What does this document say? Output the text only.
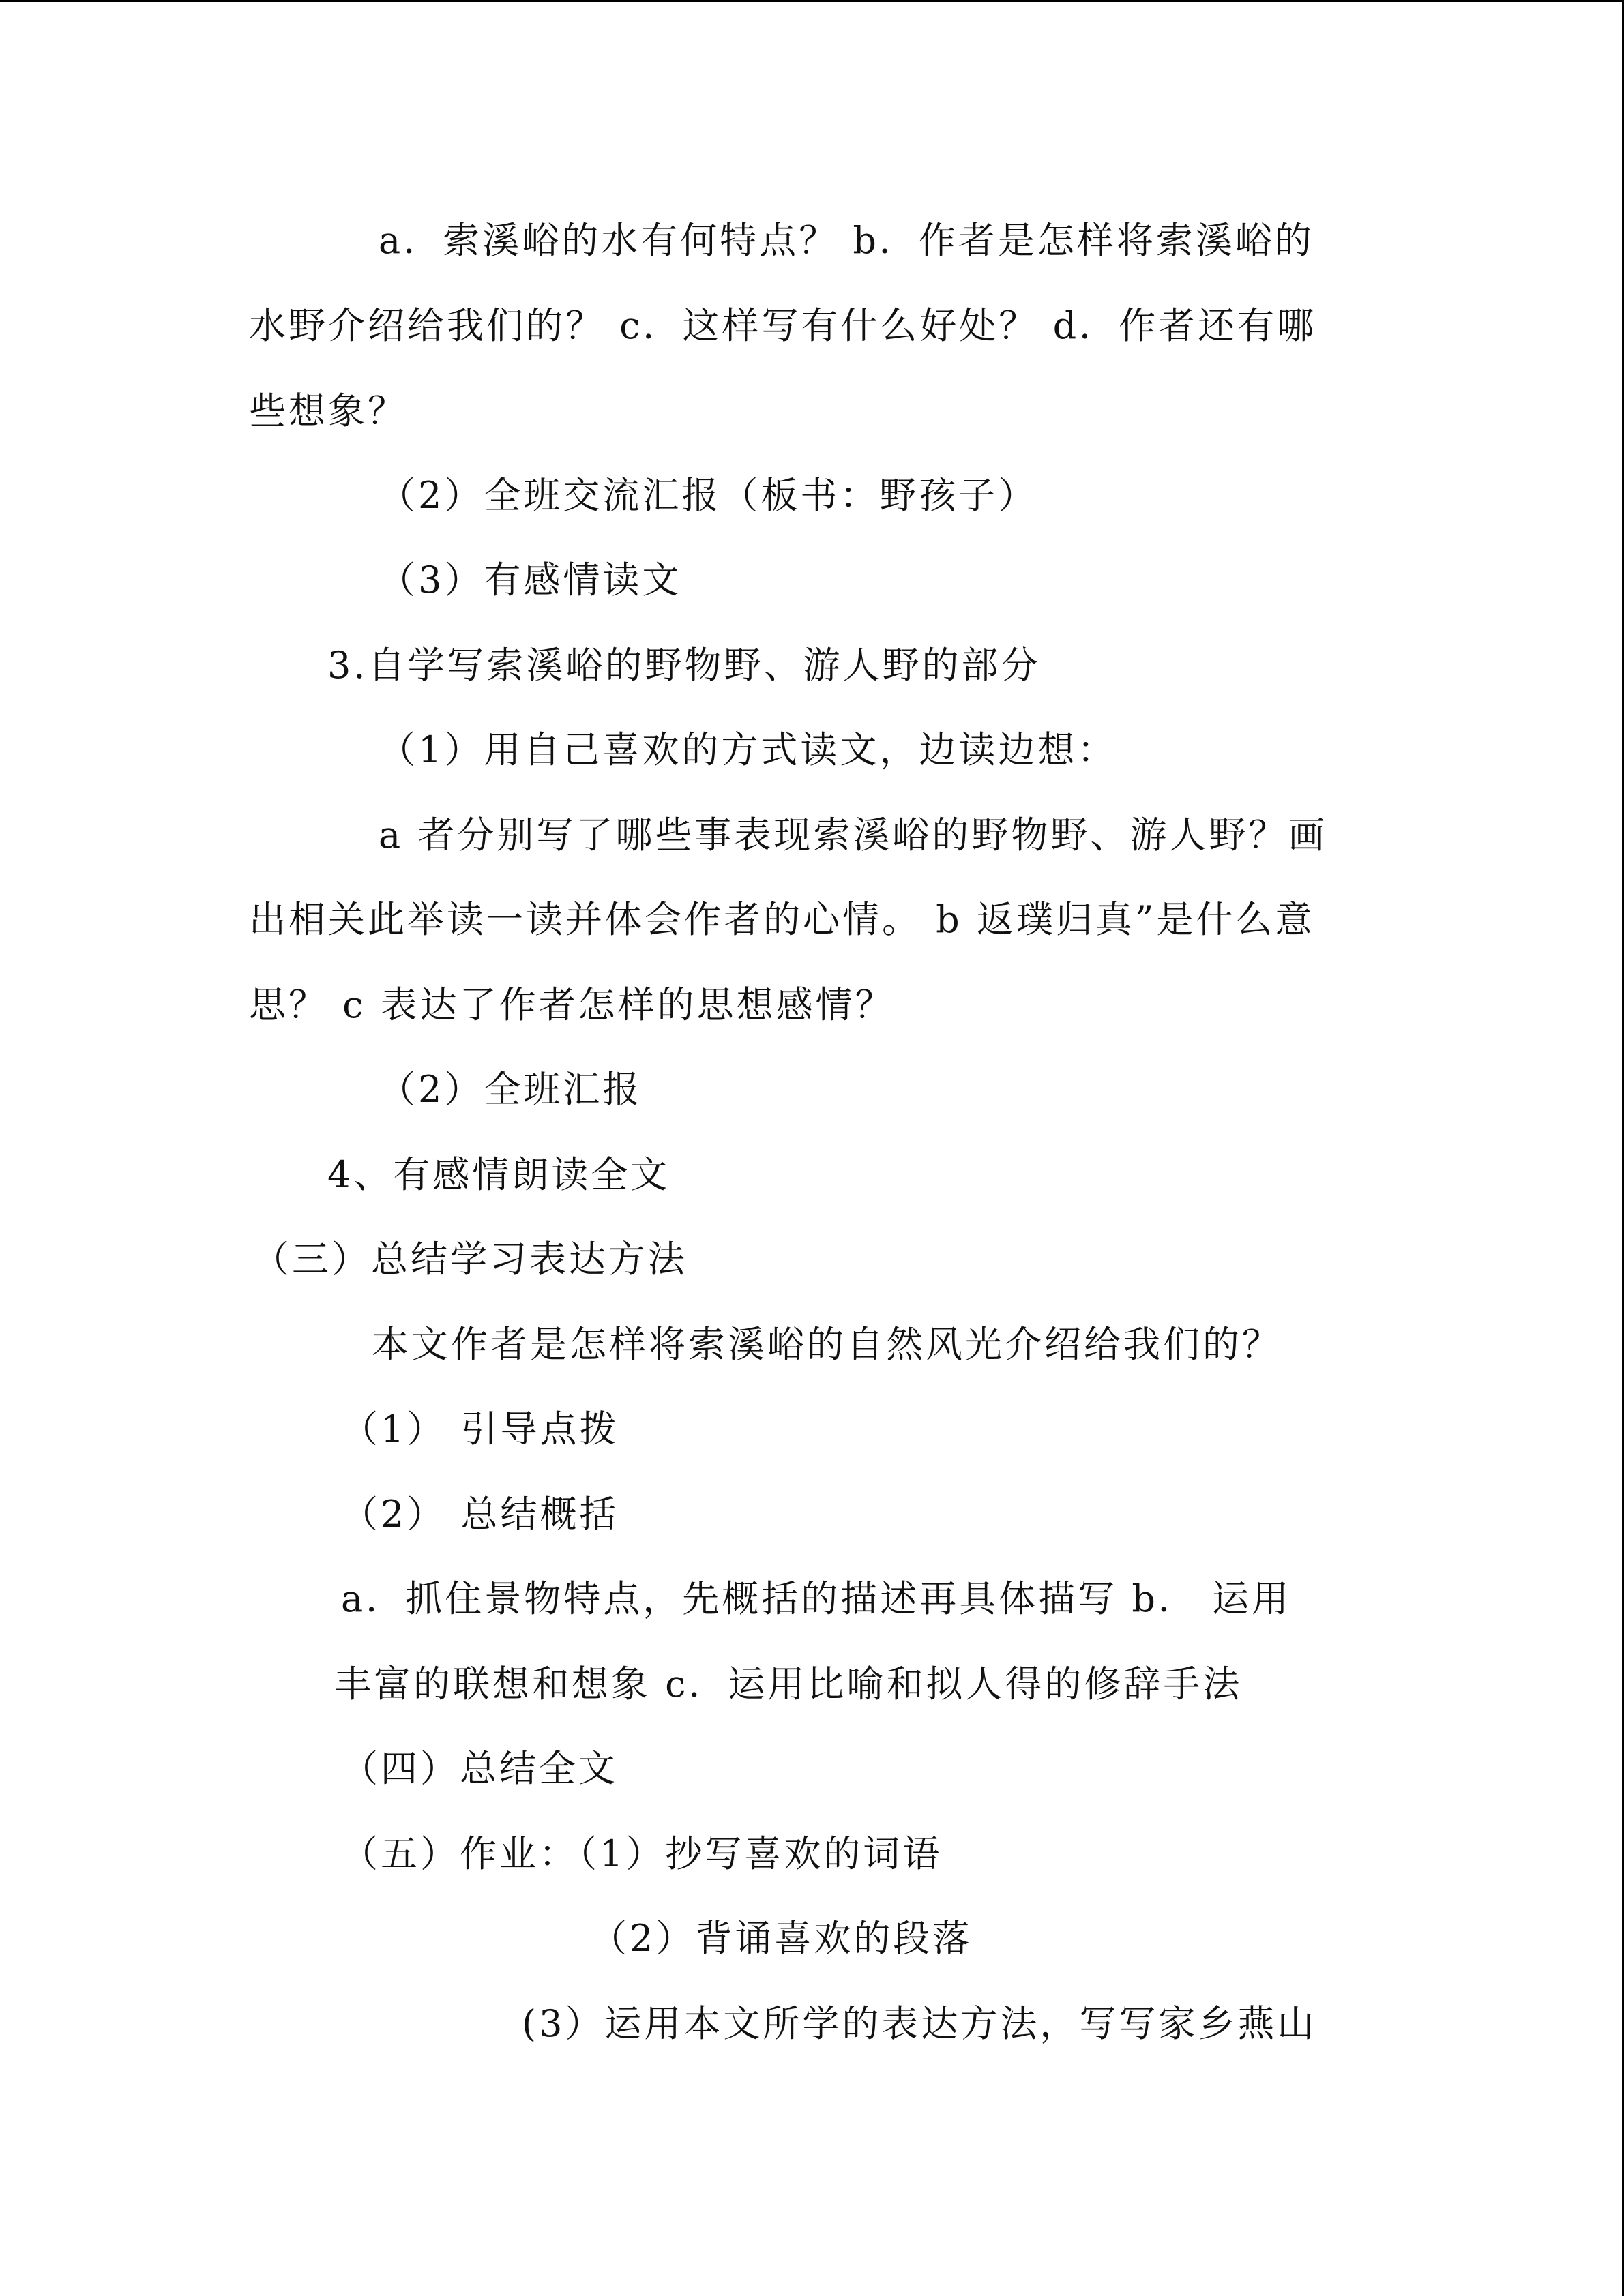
a．索溪峪的水有何特点？ b．作者是怎样将索溪峪的
水野介绍给我们的？ c．这样写有什么好处？ d．作者还有哪
些想象？
（2）全班交流汇报（板书：野孩子）
（3）有感情读文
3.自学写索溪峪的野物野、游人野的部分
（1）用自己喜欢的方式读文，边读边想：
a 者分别写了哪些事表现索溪峪的野物野、游人野？画
出相关此举读一读并体会作者的心情。 b 返璞归真”是什么意
思？ c 表达了作者怎样的思想感情？
（2）全班汇报
4、有感情朗读全文
（三）总结学习表达方法
本文作者是怎样将索溪峪的自然风光介绍给我们的？
（1） 引导点拨
（2） 总结概括
a．抓住景物特点，先概括的描述再具体描写 b． 运用
丰富的联想和想象 c．运用比喻和拟人得的修辞手法
（四）总结全文
（五）作业：（1）抄写喜欢的词语
（2）背诵喜欢的段落
(3）运用本文所学的表达方法，写写家乡燕山
